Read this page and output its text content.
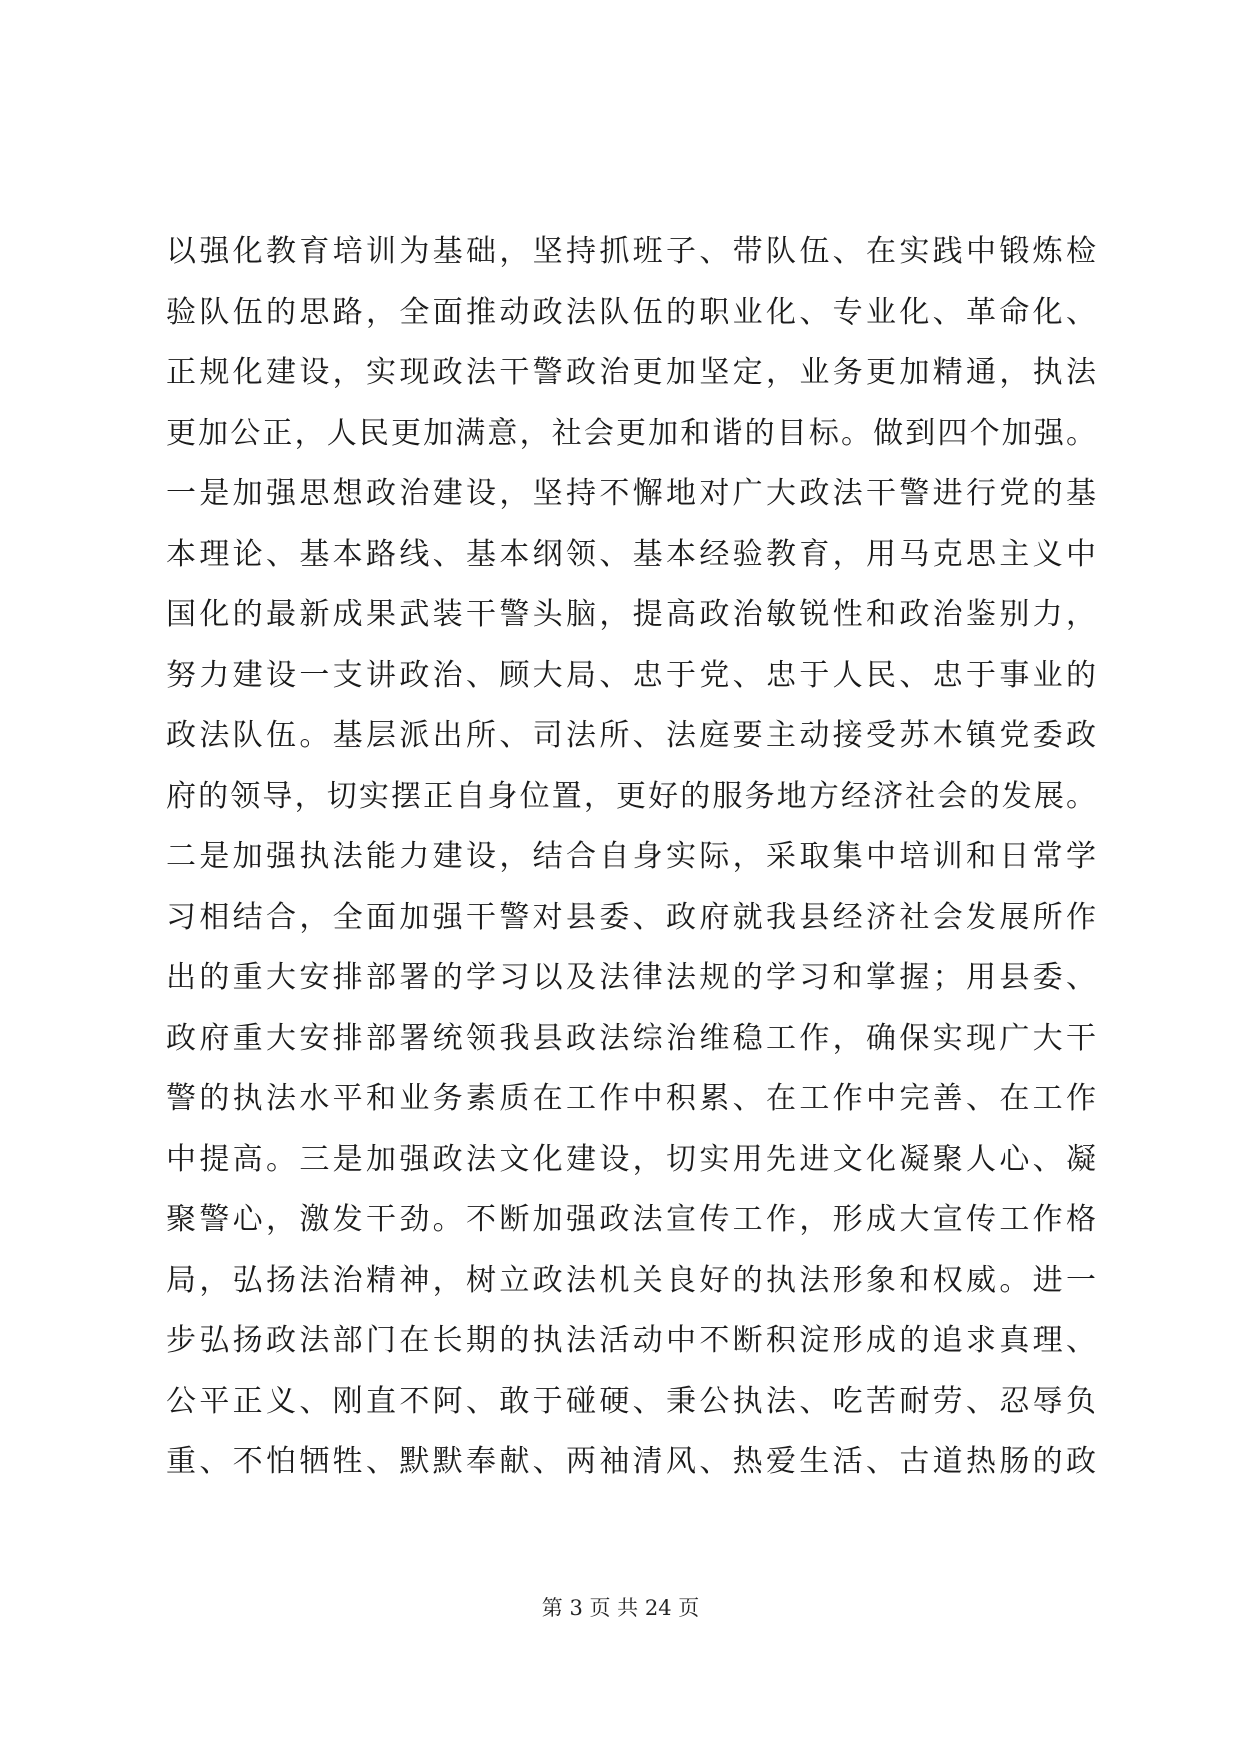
以强化教育培训为基础，坚持抓班子、带队伍、在实践中锻炼检
验队伍的思路，全面推动政法队伍的职业化、专业化、革命化、
正规化建设，实现政法干警政治更加坚定，业务更加精通，执法
更加公正，人民更加满意，社会更加和谐的目标。做到四个加强。
一是加强思想政治建设，坚持不懈地对广大政法干警进行党的基
本理论、基本路线、基本纲领、基本经验教育，用马克思主义中
国化的最新成果武装干警头脑，提高政治敏锐性和政治鉴别力，
努力建设一支讲政治、顾大局、忠于党、忠于人民、忠于事业的
政法队伍。基层派出所、司法所、法庭要主动接受苏木镇党委政
府的领导，切实摆正自身位置，更好的服务地方经济社会的发展。
二是加强执法能力建设，结合自身实际，采取集中培训和日常学
习相结合，全面加强干警对县委、政府就我县经济社会发展所作
出的重大安排部署的学习以及法律法规的学习和掌握；用县委、
政府重大安排部署统领我县政法综治维稳工作，确保实现广大干
警的执法水平和业务素质在工作中积累、在工作中完善、在工作
中提高。三是加强政法文化建设，切实用先进文化凝聚人心、凝
聚警心，激发干劲。不断加强政法宣传工作，形成大宣传工作格
局，弘扬法治精神，树立政法机关良好的执法形象和权威。进一
步弘扬政法部门在长期的执法活动中不断积淀形成的追求真理、
公平正义、刚直不阿、敢于碰硬、秉公执法、吃苦耐劳、忍辱负
重、不怕牺牲、默默奉献、两袖清风、热爱生活、古道热肠的政
第 3 页 共 24 页
